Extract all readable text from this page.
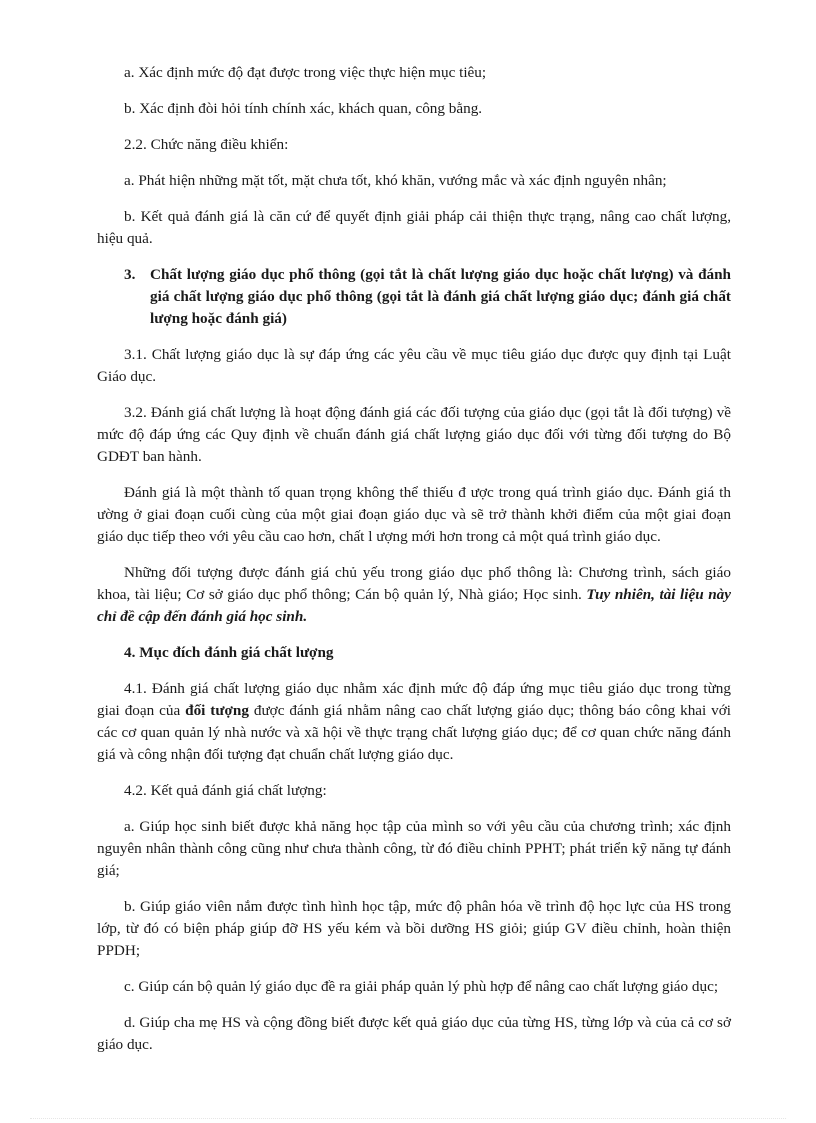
a. Xác định mức độ đạt được trong việc thực hiện mục tiêu;

b. Xác định đòi hỏi tính chính xác, khách quan, công bằng.

2.2. Chức năng điều khiển:

a. Phát hiện những mặt tốt, mặt chưa tốt, khó khăn, vướng mắc và xác định nguyên nhân;

b. Kết quả đánh giá là căn cứ để quyết định giải pháp cải thiện thực trạng, nâng cao chất lượng, hiệu quả.

3. Chất lượng giáo dục phổ thông (gọi tắt là chất lượng giáo dục hoặc chất lượng) và đánh giá chất lượng giáo dục phổ thông (gọi tắt là đánh giá chất lượng giáo dục; đánh giá chất lượng hoặc đánh giá)

3.1. Chất lượng giáo dục là sự đáp ứng các yêu cầu về mục tiêu giáo dục được quy định tại Luật Giáo dục.

3.2. Đánh giá chất lượng là hoạt động đánh giá các đối tượng của giáo dục (gọi tắt là đối tượng) về mức độ đáp ứng các Quy định về chuẩn đánh giá chất lượng giáo dục đối với từng đối tượng do Bộ GDĐT ban hành.

Đánh giá là một thành tố quan trọng không thể thiếu đ ược trong quá trình giáo dục. Đánh giá th ường ở giai đoạn cuối cùng của một giai đoạn giáo dục và sẽ trở thành khởi điểm của một giai đoạn giáo dục tiếp theo với yêu cầu cao hơn, chất l ượng mới hơn trong cả một quá trình giáo dục.

Những đối tượng được đánh giá chủ yếu trong giáo dục phổ thông là: Chương trình, sách giáo khoa, tài liệu; Cơ sở giáo dục phổ thông; Cán bộ quản lý, Nhà giáo; Học sinh. Tuy nhiên, tài liệu này chỉ đề cập đến đánh giá học sinh.

4. Mục đích đánh giá chất lượng

4.1. Đánh giá chất lượng giáo dục nhằm xác định mức độ đáp ứng mục tiêu giáo dục trong từng giai đoạn của đối tượng được đánh giá nhằm nâng cao chất lượng giáo dục; thông báo công khai với các cơ quan quản lý nhà nước và xã hội về thực trạng chất lượng giáo dục; để cơ quan chức năng đánh giá và công nhận đối tượng đạt chuẩn chất lượng giáo dục.

4.2. Kết quả đánh giá chất lượng:

a. Giúp học sinh biết được khả năng học tập của mình so với yêu cầu của chương trình; xác định nguyên nhân thành công cũng như chưa thành công, từ đó điều chỉnh PPHT; phát triển kỹ năng tự đánh giá;

b. Giúp giáo viên nắm được tình hình học tập, mức độ phân hóa về trình độ học lực của HS trong lớp, từ đó có biện pháp giúp đỡ HS yếu kém và bồi dưỡng HS giỏi; giúp GV điều chỉnh, hoàn thiện PPDH;

c. Giúp cán bộ quản lý giáo dục đề ra giải pháp quản lý phù hợp để nâng cao chất lượng giáo dục;

d. Giúp cha mẹ HS và cộng đồng biết được kết quả giáo dục của từng HS, từng lớp và của cả cơ sở giáo dục.
